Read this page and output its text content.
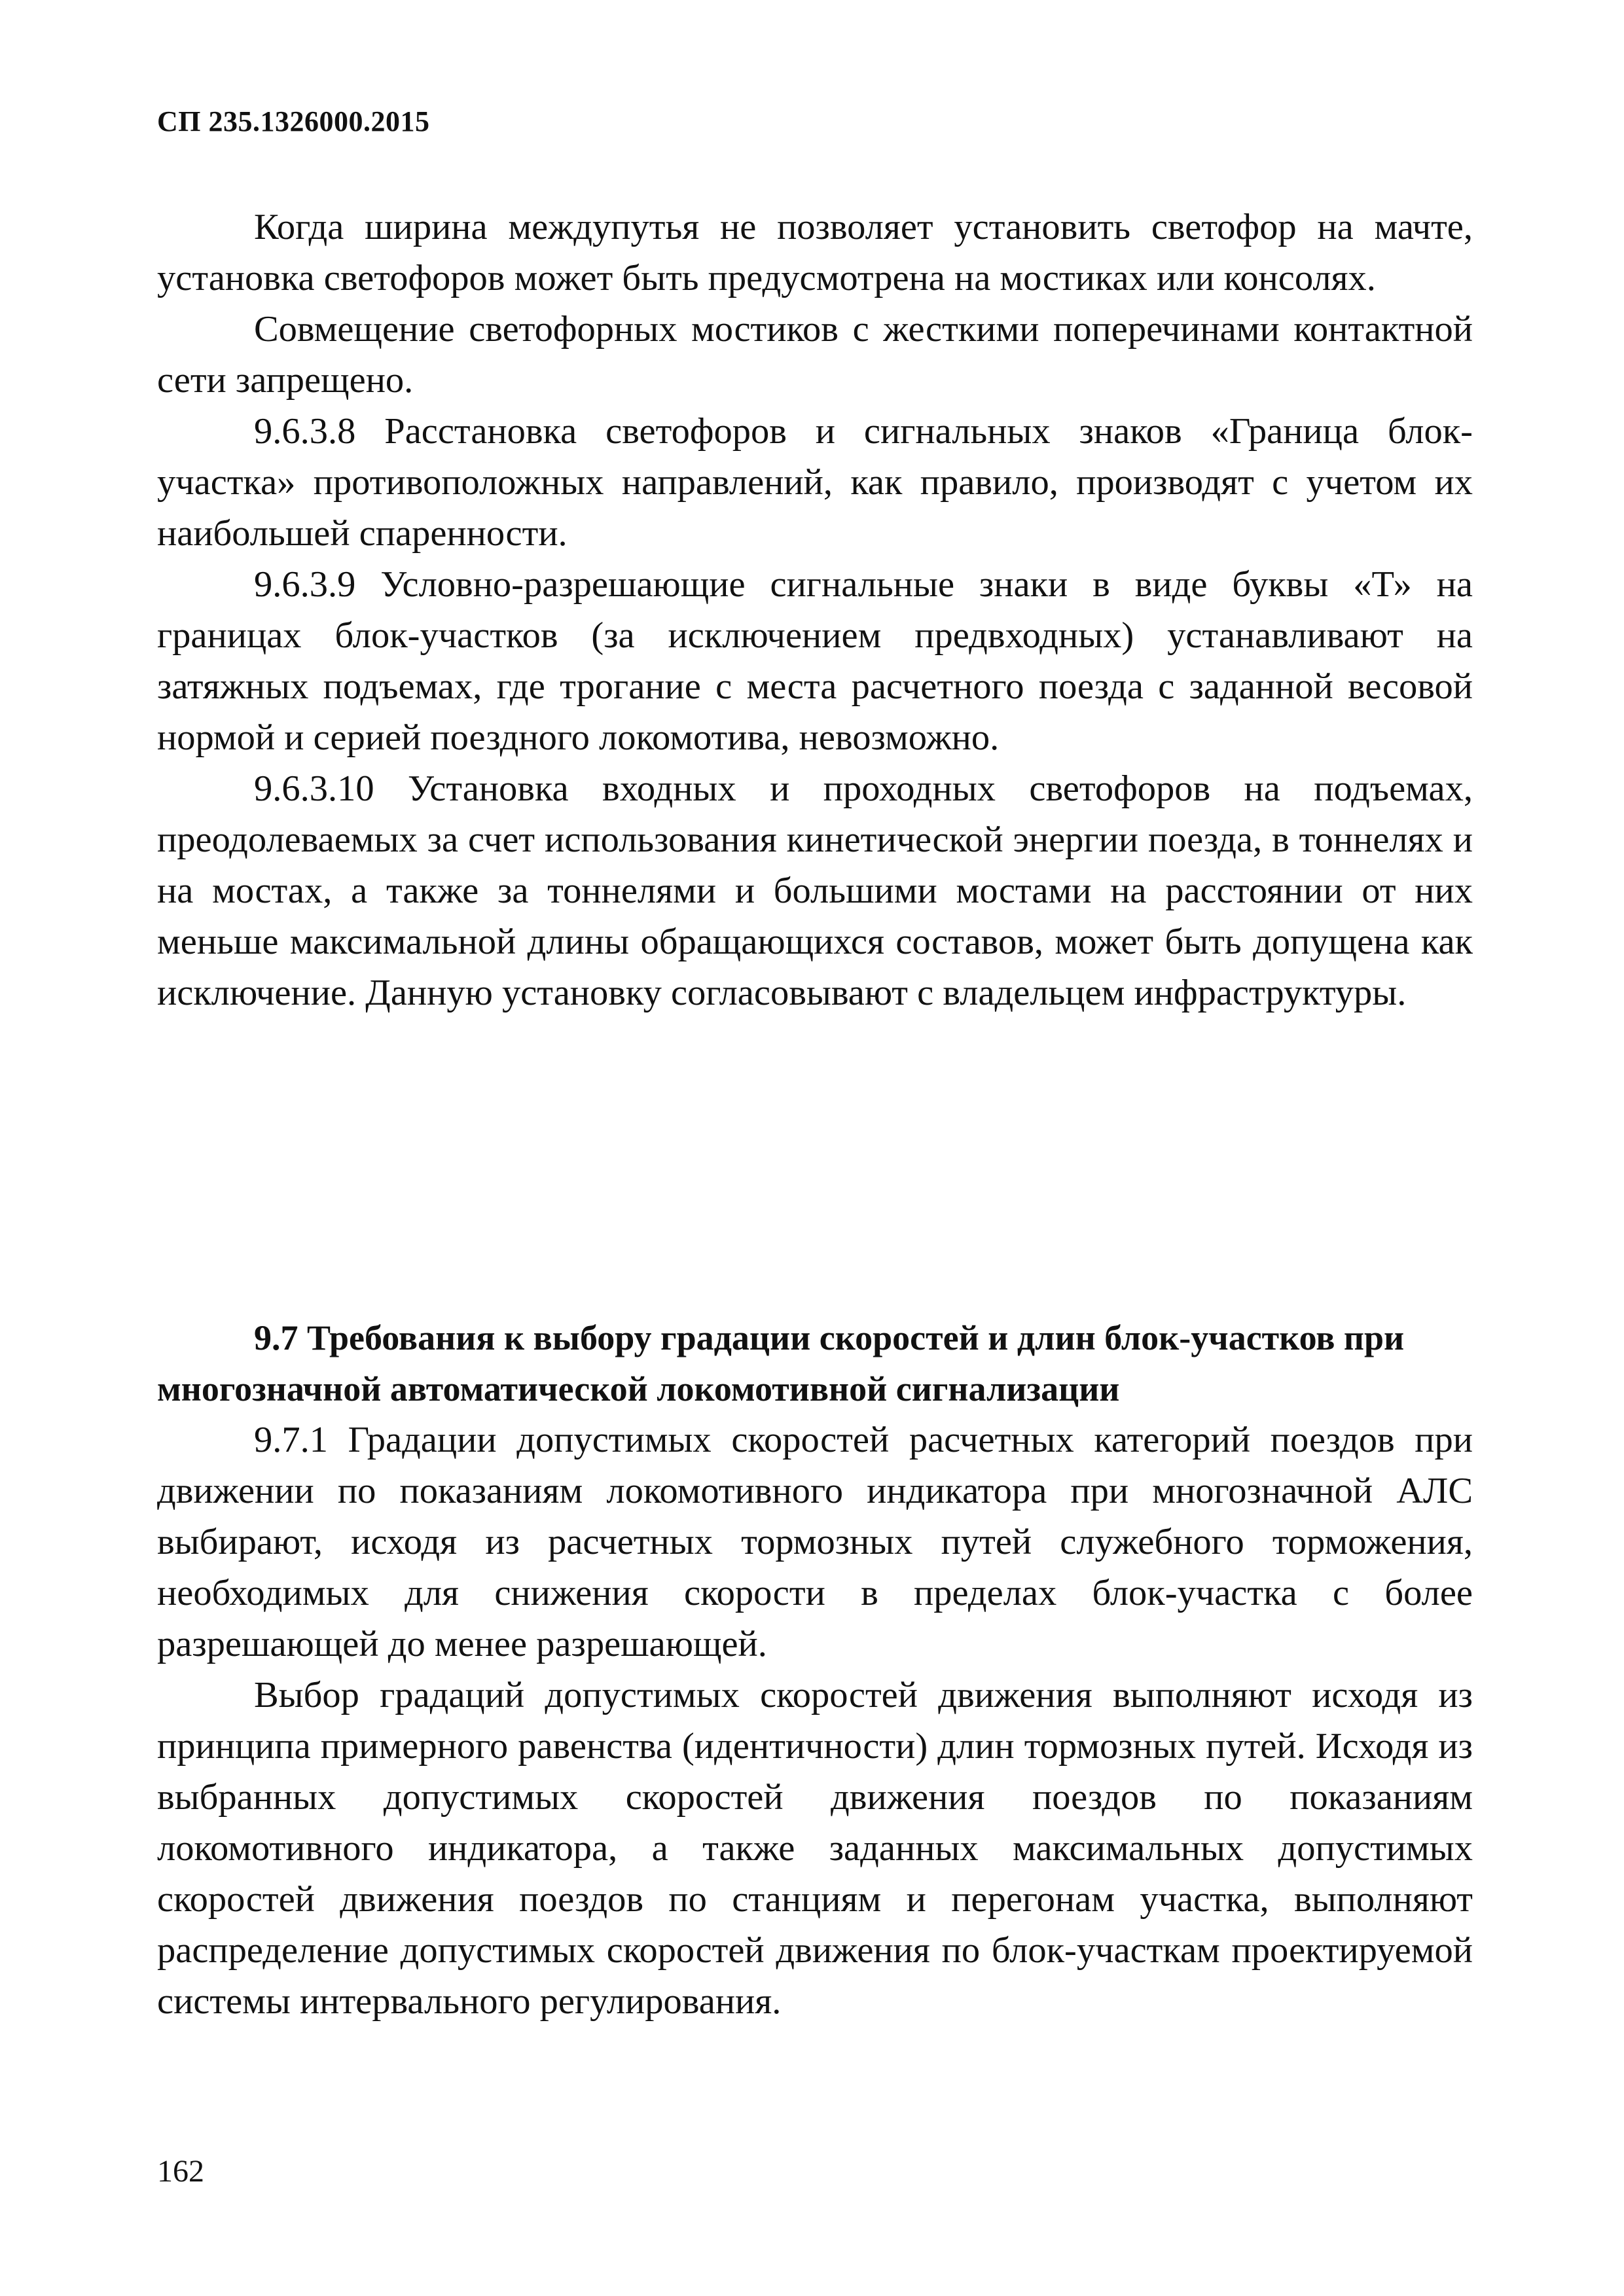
СП 235.1326000.2015

Когда ширина междупутья не позволяет установить светофор на мачте, установка светофоров может быть предусмотрена на мостиках или консолях.

Совмещение светофорных мостиков с жесткими поперечинами контактной сети запрещено.

9.6.3.8 Расстановка светофоров и сигнальных знаков «Граница блок-участка» противоположных направлений, как правило, производят с учетом их наибольшей спаренности.

9.6.3.9 Условно-разрешающие сигнальные знаки в виде буквы «Т» на границах блок-участков (за исключением предвходных) устанавливают на затяжных подъемах, где трогание с места расчетного поезда с заданной весовой нормой и серией поездного локомотива, невозможно.

9.6.3.10 Установка входных и проходных светофоров на подъемах, преодолеваемых за счет использования кинетической энергии поезда, в тоннелях и на мостах, а также за тоннелями и большими мостами на расстоянии от них меньше максимальной длины обращающихся составов, может быть допущена как исключение. Данную установку согласовывают с владельцем инфраструктуры.

9.7 Требования к выбору градации скоростей и длин блок-участков при многозначной автоматической локомотивной сигнализации

9.7.1 Градации допустимых скоростей расчетных категорий поездов при движении по показаниям локомотивного индикатора при многозначной АЛС выбирают, исходя из расчетных тормозных путей служебного торможения, необходимых для снижения скорости в пределах блок-участка с более разрешающей до менее разрешающей.

Выбор градаций допустимых скоростей движения выполняют исходя из принципа примерного равенства (идентичности) длин тормозных путей. Исходя из выбранных допустимых скоростей движения поездов по показаниям локомотивного индикатора, а также заданных максимальных допустимых скоростей движения поездов по станциям и перегонам участка, выполняют распределение допустимых скоростей движения по блок-участкам проектируемой системы интервального регулирования.

162
